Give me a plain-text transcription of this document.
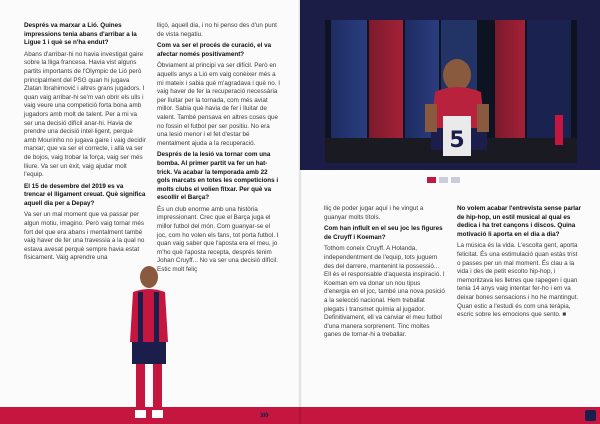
Després va marxar a Lió. Quines impressions tenia abans d'arribar a la Ligue 1 i què se n'ha endut?

Abans d'arribar-hi no havia investigat gaire sobre la lliga francesa. Havia vist alguns partits importants de l'Olympic de Lió però principalment del PSG quan hi jugava Zlatan Ibrahimović i altres grans jugadors. I quan vaig arribar-hi se'm van obrir els ulls i vaig veure una competició forta bona amb jugadors amb molt de talent. Per a mi va ser una decisió difícil anar-hi. Havia de prendre una decisió intel·ligent, perquè amb Mourinho no jugava gaire i vaig decidir marxar; que va ser el correcte, i allà va ser de bojos, vaig trobar la força, vaig ser més lliure. Va ser un èxit, vaig ajudar molt l'equip.

El 15 de desembre del 2019 es va trencar el lligament creuat. Què significa aquell dia per a Depay?

Va ser un mal moment que va passar per algun motiu, imagino. Però vaig tornar més fort del que era abans i mentalment també vaig haver de fer una travessia a la qual no estava avesat perquè sempre havia estat físicament. Vaig aprendre una

lliçó, aquell dia, i no hi penso des d'un punt de vista negatiu.

Com va ser el procés de curació, el va afectar només positivament?

Òbviament al principi va ser difícil. Però en aquells anys a Lió em vaig conèixer més a mi mateix i sabia què m'agradava i què no. I vaig haver de fer la recuperació necessària per lluitar per la tornada, com més aviat millor. Sabia què havia de fer i lluitar de valent. També pensava en altres coses que no fossin el futbol per ser positiu. No era una lesió menor i el fet d'estar bé mentalment ajuda a la recuperació.

Després de la lesió va tornar com una bomba. Al primer partit va fer un hat-trick. Va acabar la temporada amb 22 gols marcats en totes les competicions i molts clubs el volien fitxar. Per què va escollir el Barça?

És un club enorme amb una història impressionant. Crec que el Barça juga el millor futbol del món. Com guanyar-se el joc, com ho volen els fans, tot porta futbol. I quan vaig saber que l'aposta era el meu, jo m'ho què l'aposta recepta, després tenim Johan Cruyff... No va ser una decisió difícil. Estic molt feliç

›››
5

lliç de poder jugar aquí i he vingut a guanyar molts títols.

Com han influït en el seu joc les figures de Cruyff i Koeman?

Tothom coneix Cruyff. A Holanda, independentment de l'equip, tots juguem des del darrere, mantenint la possessió... Ell és el responsable d'aquesta inspiració. I Koeman em va donar un nou tipus d'energia en el joc, també una nova posició a la selecció nacional. Hem treballat plegats i transmet químia al jugador. Definitivament, ell va canviar el meu futbol d'una manera sorprenent. Tinc moltes ganes de tornar-hi a treballar.

No volem acabar l'entrevista sense parlar de hip-hop, un estil musical al qual es dedica i ha tret cançons i discos. Quina motivació li aporta en el dia a dia?

La música és la vida. L'escolta gent, aporta felicitat. És una estimulació quan estàs trist o passes per un mal moment. És clau a la vida i des de petit escolto hip-hop, i memoritzava les lletres que rapegen i quan tenia 14 anys vaig intentar fer-ho i em va deixar bones sensacions i ho he mantingut. Quan estic a l'estudi és com una teràpia, escric sobre les emocions que sento. ■
